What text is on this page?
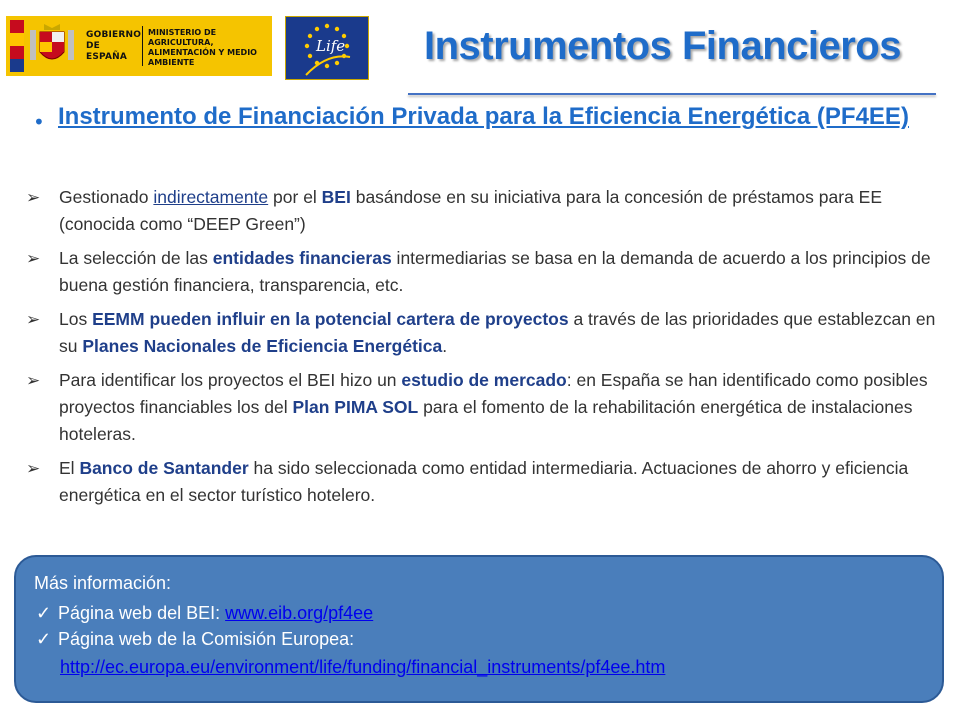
GOBIERNO DE ESPAÑA
MINISTERIO DE AGRICULTURA, ALIMENTACIÓN Y MEDIO AMBIENTE
Life Instrumentos Financieros
• Instrumento de Financiación Privada para la Eficiencia Energética (PF4EE)
➢ Gestionado indirectamente por el BEI basándose en su iniciativa para la concesión de préstamos para EE (conocida como “DEEP Green”)
➢ La selección de las entidades financieras intermediarias se basa en la demanda de acuerdo a los principios de buena gestión financiera, transparencia, etc.
➢ Los EEMM pueden influir en la potencial cartera de proyectos a través de las prioridades que establezcan en su Planes Nacionales de Eficiencia Energética.
➢ Para identificar los proyectos el BEI hizo un estudio de mercado: en España se han identificado como posibles proyectos financiables los del Plan PIMA SOL para el fomento de la rehabilitación energética de instalaciones hoteleras.
➢ El Banco de Santander ha sido seleccionada como entidad intermediaria. Actuaciones de ahorro y eficiencia energética en el sector turístico hotelero.
Más información:
✓ Página web del BEI: www.eib.org/pf4ee
✓ Página web de la Comisión Europea:
http://ec.europa.eu/environment/life/funding/financial_instruments/pf4ee.htm
